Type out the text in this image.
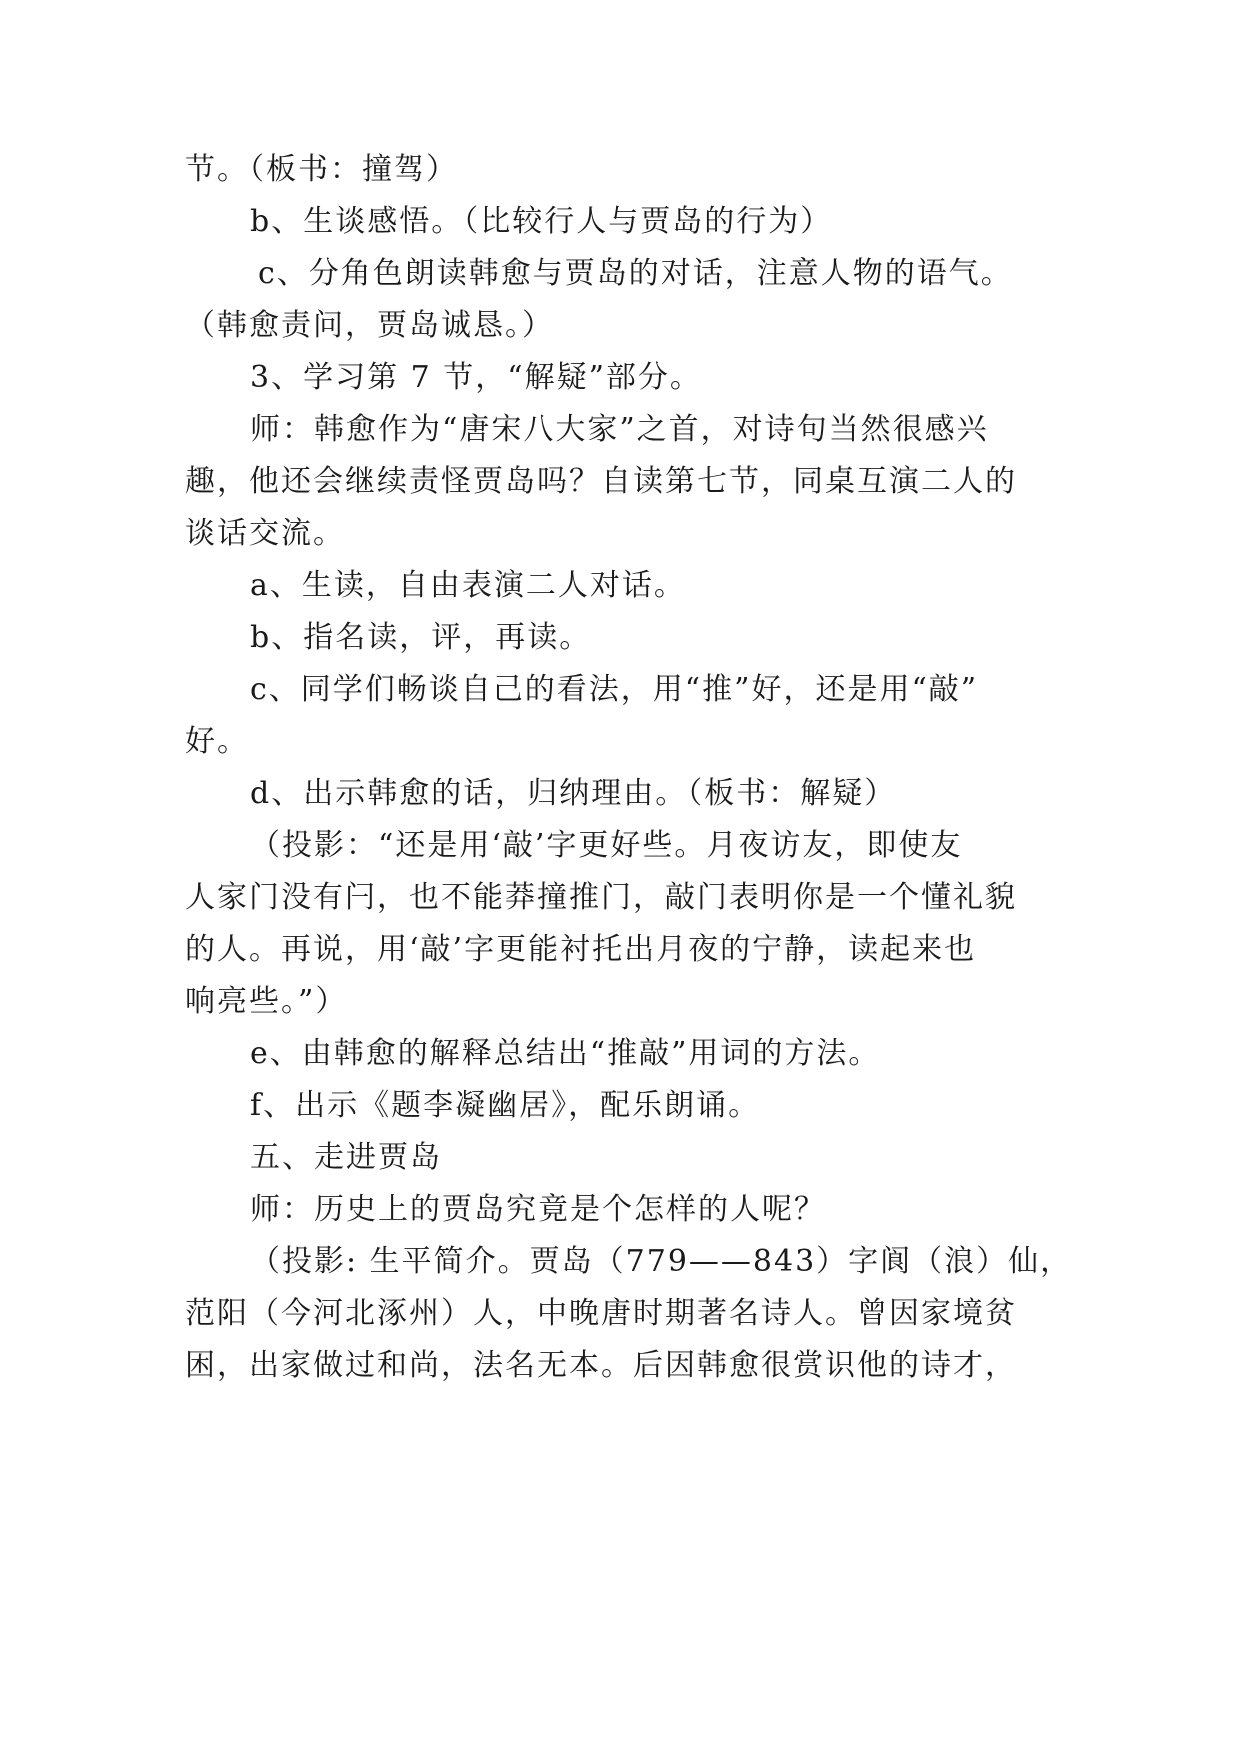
节。（板书：撞驾）
b、生谈感悟。（比较行人与贾岛的行为）
c、分角色朗读韩愈与贾岛的对话，注意人物的语气。
（韩愈责问，贾岛诚恳。）
3、学习第 7 节，“解疑”部分。
师：韩愈作为“唐宋八大家”之首，对诗句当然很感兴
趣，他还会继续责怪贾岛吗？自读第七节，同桌互演二人的
谈话交流。
a、生读，自由表演二人对话。
b、指名读，评，再读。
c、同学们畅谈自己的看法，用“推”好，还是用“敲”
好。
d、出示韩愈的话，归纳理由。（板书：解疑）
（投影：“还是用‘敲’字更好些。月夜访友，即使友
人家门没有闩，也不能莽撞推门，敲门表明你是一个懂礼貌
的人。再说，用‘敲’字更能衬托出月夜的宁静，读起来也
响亮些。”）
e、由韩愈的解释总结出“推敲”用词的方法。
f、出示《题李凝幽居》，配乐朗诵。
五、走进贾岛
师：历史上的贾岛究竟是个怎样的人呢？
（投影: 生平简介。贾岛（779——843）字阆（浪）仙，
范阳（今河北涿州）人，中晚唐时期著名诗人。曾因家境贫
困，出家做过和尚，法名无本。后因韩愈很赏识他的诗才，
